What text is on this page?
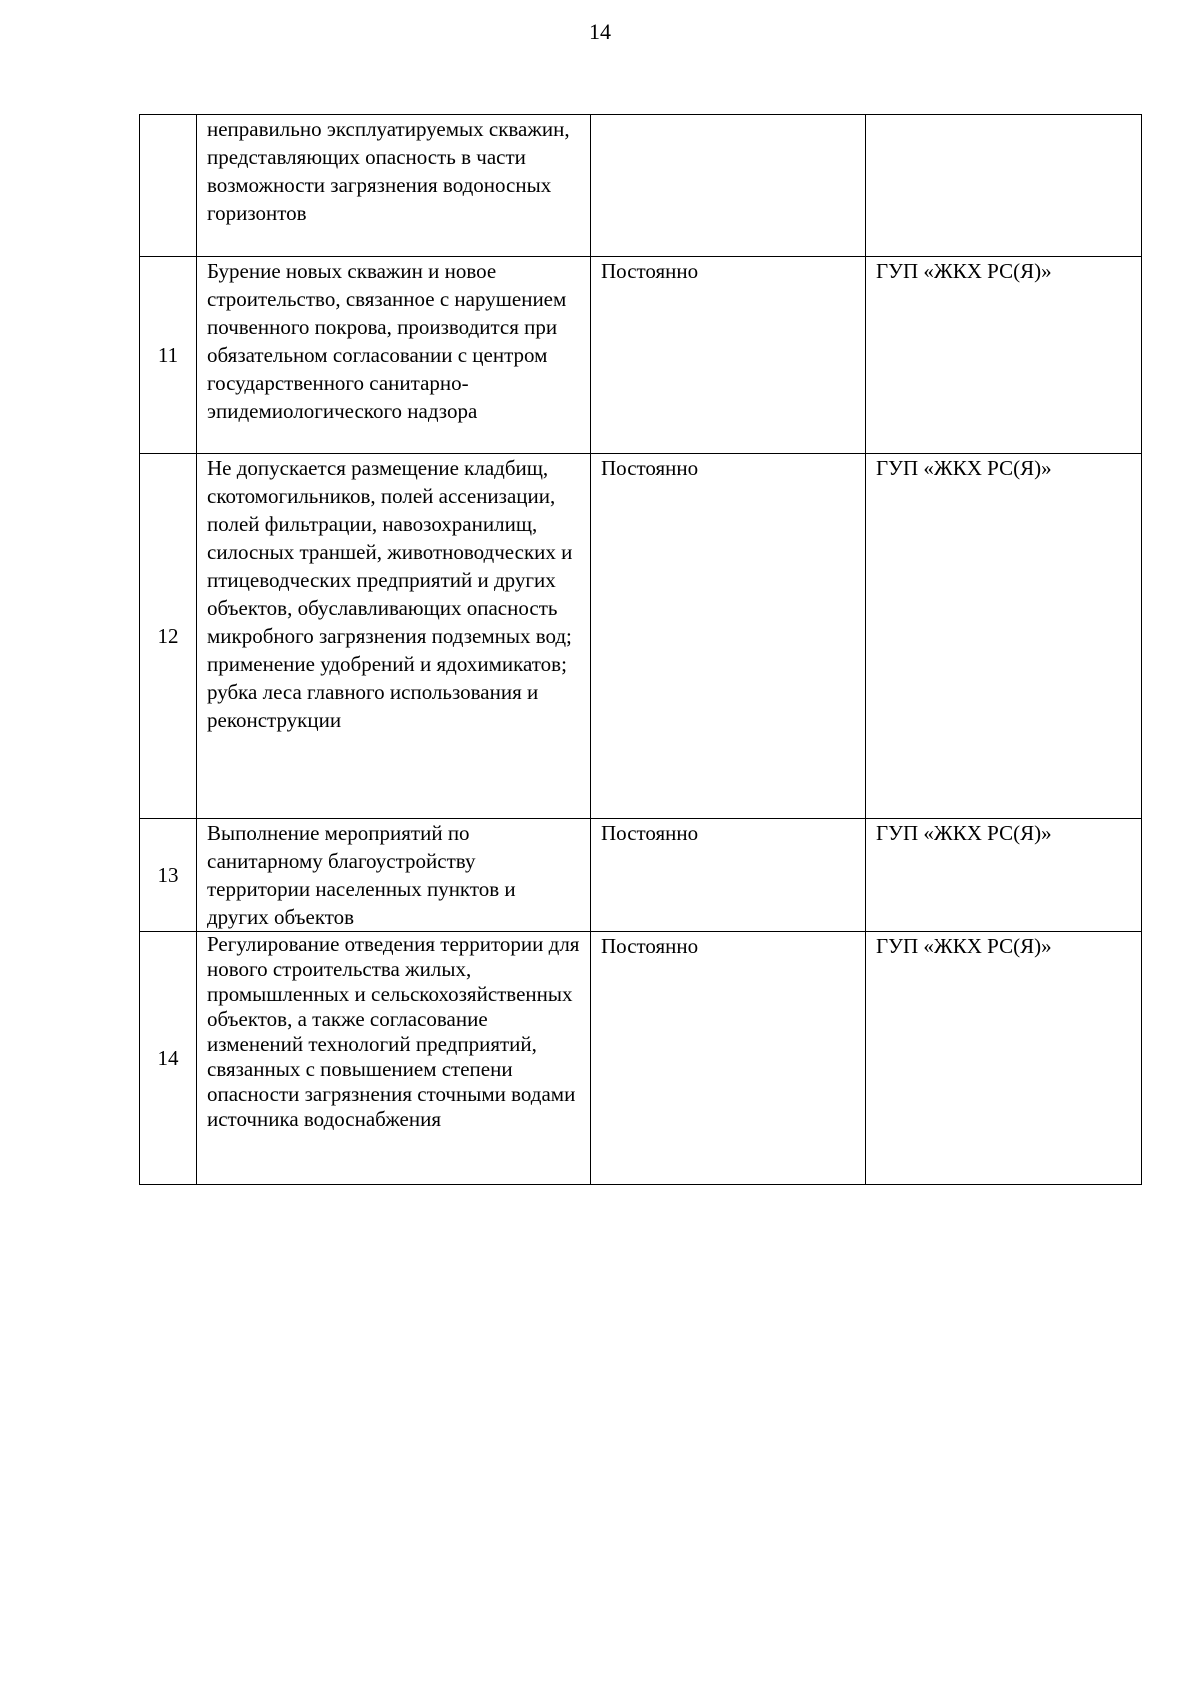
14
	неправильно эксплуатируемых скважин, представляющих опасность в части возможности загрязнения водоносных горизонтов		
11	Бурение новых скважин и новое строительство, связанное с нарушением почвенного покрова, производится при обязательном согласовании с центром государственного санитарно-эпидемиологического надзора	Постоянно	ГУП «ЖКХ РС(Я)»
12	Не допускается размещение кладбищ, скотомогильников, полей ассенизации, полей фильтрации, навозохранилищ, силосных траншей, животноводческих и птицеводческих предприятий и других объектов, обуславливающих опасность микробного загрязнения подземных вод; применение удобрений и ядохимикатов; рубка леса главного использования и реконструкции	Постоянно	ГУП «ЖКХ РС(Я)»
13	Выполнение мероприятий по санитарному благоустройству территории населенных пунктов и других объектов	Постоянно	ГУП «ЖКХ РС(Я)»
14	Регулирование отведения территории для нового строительства жилых, промышленных и сельскохозяйственных объектов, а также согласование изменений технологий предприятий, связанных с повышением степени опасности загрязнения сточными водами источника водоснабжения	Постоянно	ГУП «ЖКХ РС(Я)»
